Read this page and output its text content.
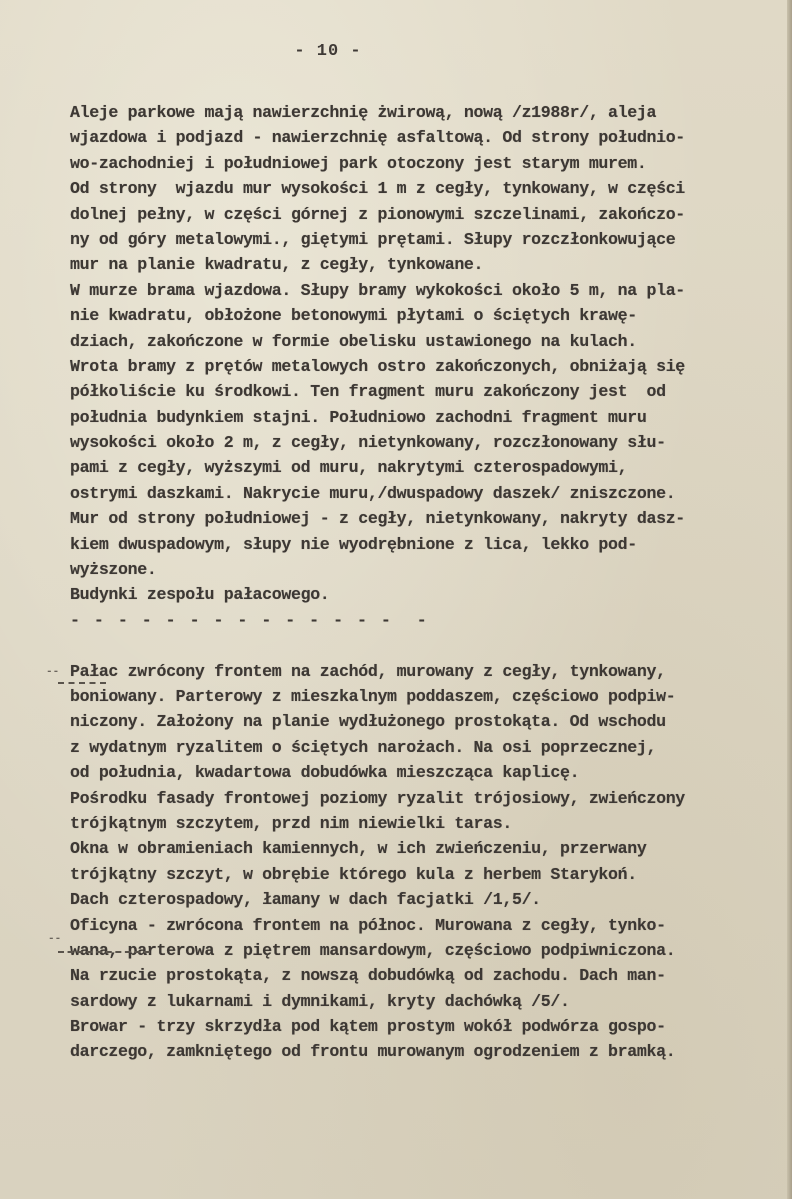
- 10 -
Aleje parkowe mają nawierzchnię żwirową, nową /z1988r/, aleja
wjazdowa i podjazd - nawierzchnię asfaltową. Od strony południo-
wo-zachodniej i południowej park otoczony jest starym murem.
Od strony  wjazdu mur wysokości 1 m z cegły, tynkowany, w części
dolnej pełny, w części górnej z pionowymi szczelinami, zakończo-
ny od góry metalowymi., giętymi prętami. Słupy rozczłonkowujące
mur na planie kwadratu, z cegły, tynkowane.
W murze brama wjazdowa. Słupy bramy wykokości około 5 m, na pla-
nie kwadratu, obłożone betonowymi płytami o ściętych krawę-
dziach, zakończone w formie obelisku ustawionego na kulach.
Wrota bramy z prętów metalowych ostro zakończonych, obniżają się
półkoliście ku środkowi. Ten fragment muru zakończony jest  od
południa budynkiem stajni. Południowo zachodni fragment muru
wysokości około 2 m, z cegły, nietynkowany, rozczłonowany słu-
pami z cegły, wyższymi od muru, nakrytymi czterospadowymi,
ostrymi daszkami. Nakrycie muru,/dwuspadowy daszek/ zniszczone.
Mur od strony południowej - z cegły, nietynkowany, nakryty dasz-
kiem dwuspadowym, słupy nie wyodrębnione z lica, lekko pod-
wyższone.
Budynki zespołu pałacowego.
- - - - - - - - - - - - - -  -
Pałac zwrócony frontem na zachód, murowany z cegły, tynkowany,
boniowany. Parterowy z mieszkalnym poddaszem, częściowo podpiw-
niczony. Założony na planie wydłużonego prostokąta. Od wschodu
z wydatnym ryzalitem o ściętych narożach. Na osi poprzecznej,
od południa, kwadartowa dobudówka mieszcząca kaplicę.
Pośrodku fasady frontowej poziomy ryzalit trójosiowy, zwieńczony
trójkątnym szczytem, przd nim niewielki taras.
Okna w obramieniach kamiennych, w ich zwieńczeniu, przerwany
trójkątny szczyt, w obrębie którego kula z herbem Starykoń.
Dach czterospadowy, łamany w dach facjatki /1,5/.
Oficyna - zwrócona frontem na północ. Murowana z cegły, tynko-
wana, parterowa z piętrem mansardowym, częściowo podpiwniczona.
Na rzucie prostokąta, z nowszą dobudówką od zachodu. Dach man-
sardowy z lukarnami i dymnikami, kryty dachówką /5/.
Browar - trzy skrzydła pod kątem prostym wokół podwórza gospo-
darczego, zamkniętego od frontu murowanym ogrodzeniem z bramką.
--
--
